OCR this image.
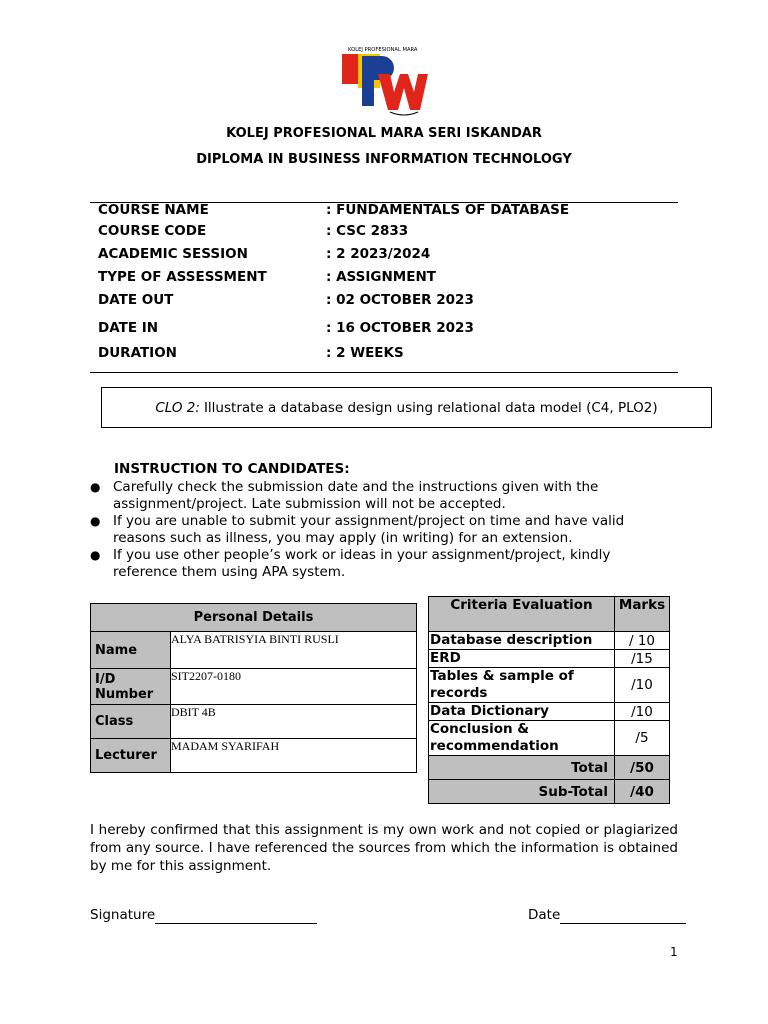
KOLEJ PROFESIONAL MARA
KOLEJ PROFESIONAL MARA SERI ISKANDAR
DIPLOMA IN BUSINESS INFORMATION TECHNOLOGY
COURSE NAME	: FUNDAMENTALS OF DATABASE
COURSE CODE	: CSC 2833
ACADEMIC SESSION	: 2 2023/2024
TYPE OF ASSESSMENT	: ASSIGNMENT
DATE OUT	: 02 OCTOBER 2023
DATE IN	: 16 OCTOBER 2023
DURATION	: 2 WEEKS
CLO 2: Illustrate a database design using relational data model (C4, PLO2)
INSTRUCTION TO CANDIDATES:
● Carefully check the submission date and the instructions given with the assignment/project. Late submission will not be accepted.
● If you are unable to submit your assignment/project on time and have valid reasons such as illness, you may apply (in writing) for an extension.
● If you use other people’s work or ideas in your assignment/project, kindly reference them using APA system.
Personal Details	
Name	ALYA BATRISYIA BINTI RUSLI
I/D Number	SIT2207-0180
Class	DBIT 4B
Lecturer	MADAM SYARIFAH
Criteria Evaluation	Marks
Database description	/ 10
ERD	/15
Tables & sample of records	/10
Data Dictionary	/10
Conclusion & recommendation	/5
Total	/50
Sub-Total	/40
I hereby confirmed that this assignment is my own work and not copied or plagiarized from any source. I have referenced the sources from which the information is obtained by me for this assignment.
Signature	Date
1
